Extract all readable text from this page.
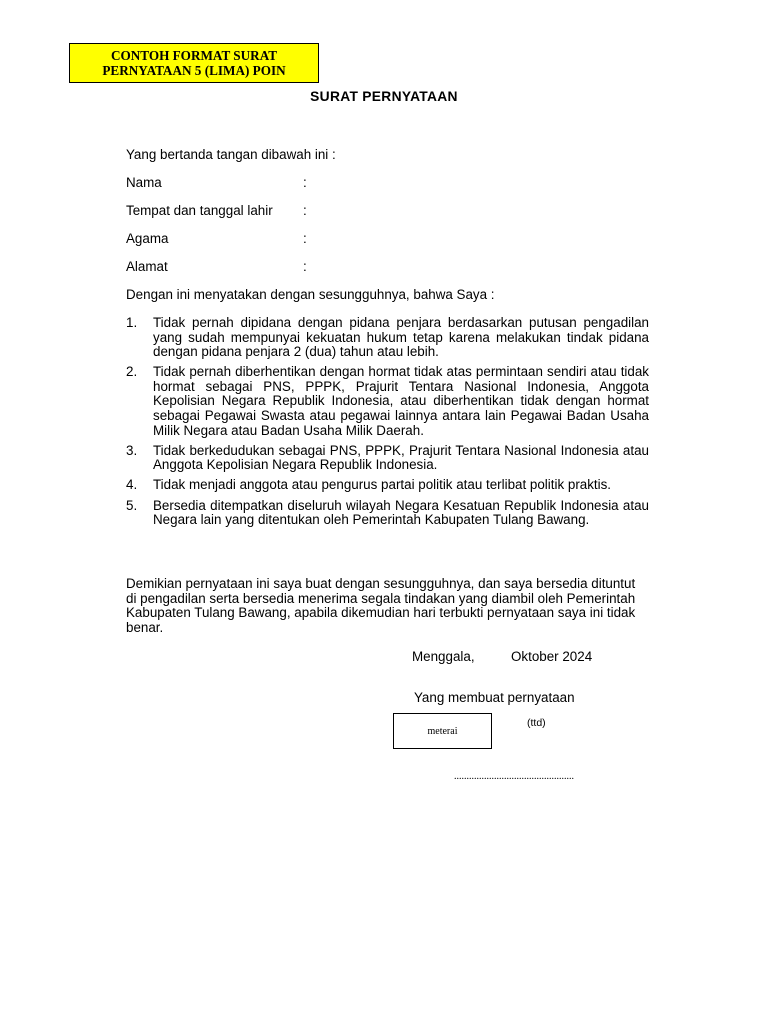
CONTOH FORMAT SURAT
PERNYATAAN 5 (LIMA) POIN
SURAT PERNYATAAN
Yang bertanda tangan dibawah ini :
Nama	:
Tempat dan tanggal lahir :
Agama	:
Alamat	:
Dengan ini menyatakan dengan sesungguhnya, bahwa Saya :
1. Tidak pernah dipidana dengan pidana penjara berdasarkan putusan pengadilan yang sudah mempunyai kekuatan hukum tetap karena melakukan tindak pidana dengan pidana penjara 2 (dua) tahun atau lebih.
2. Tidak pernah diberhentikan dengan hormat tidak atas permintaan sendiri atau tidak hormat sebagai PNS, PPPK, Prajurit Tentara Nasional Indonesia, Anggota Kepolisian Negara Republik Indonesia, atau diberhentikan tidak dengan hormat sebagai Pegawai Swasta atau pegawai lainnya antara lain Pegawai Badan Usaha Milik Negara atau Badan Usaha Milik Daerah.
3. Tidak berkedudukan sebagai PNS, PPPK, Prajurit Tentara Nasional Indonesia atau Anggota Kepolisian Negara Republik Indonesia.
4. Tidak menjadi anggota atau pengurus partai politik atau terlibat politik praktis.
5. Bersedia ditempatkan diseluruh wilayah Negara Kesatuan Republik Indonesia atau Negara lain yang ditentukan oleh Pemerintah Kabupaten Tulang Bawang.
Demikian pernyataan ini saya buat dengan sesungguhnya, dan saya bersedia dituntut di pengadilan serta bersedia menerima segala tindakan yang diambil oleh Pemerintah Kabupaten Tulang Bawang, apabila dikemudian hari terbukti pernyataan saya ini tidak benar.
Menggala,	Oktober 2024
Yang membuat pernyataan
meterai
(ttd)
................................................
